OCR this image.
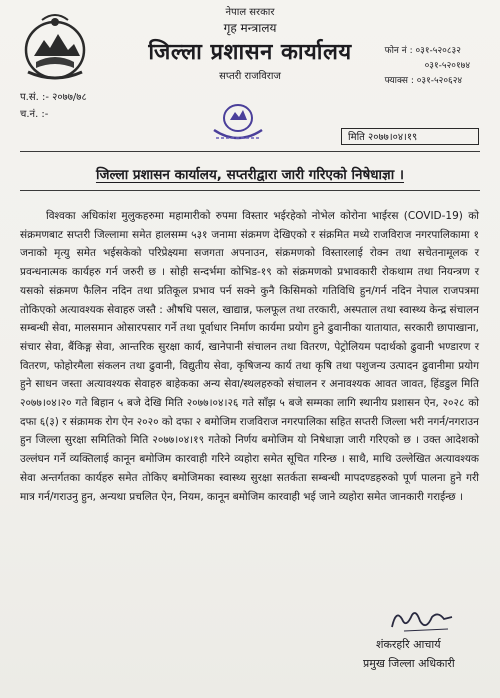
नेपाल सरकार
गृह मन्त्रालय
जिल्ला प्रशासन कार्यालय
सप्तरी राजविराज
फोन नं : ०३१-५२०८३२
०३१-५२०१७४
फ्याक्स : ०३१-५२०६२४
प.सं. :- २०७७/७८
च.नं. :-
मिति २०७७।०४।१९
जिल्ला प्रशासन कार्यालय, सप्तरीद्वारा जारी गरिएको निषेधाज्ञा ।
विश्वका अधिकांश मुलुकहरुमा महामारीको रुपमा विस्तार भईरहेको नोभेल कोरोना भाईरस (COVID-19) को संक्रमणबाट सप्तरी जिल्लामा समेत हालसम्म ५३१ जनामा संक्रमण देखिएको र संक्रमित मध्ये राजविराज नगरपालिकामा १ जनाको मृत्यु समेत भईसकेको परिप्रेक्ष्यमा सजगता अपनाउन, संक्रमणको विस्तारलाई रोक्न तथा सचेतनामूलक र प्रवन्धनात्मक कार्यहरु गर्न जरुरी छ । सोही सन्दर्भमा कोभिड-१९ को संक्रमणको प्रभावकारी रोकथाम तथा नियन्त्रण र यसको संक्रमण फैलिन नदिन तथा प्रतिकूल प्रभाव पर्न सक्ने कुनै किसिमको गतिविधि हुन/गर्न नदिन नेपाल राजपत्रमा तोकिएको अत्यावश्यक सेवाहरु जस्तै : औषधि पसल, खाद्यान्न, फलफूल तथा तरकारी, अस्पताल तथा स्वास्थ्य केन्द्र संचालन सम्बन्धी सेवा, मालसमान ओसारपसार गर्ने तथा पूर्वाधार निर्माण कार्यमा प्रयोग हुने ढुवानीका यातायात, सरकारी छापाखाना, संचार सेवा, बैंकिङ्ग सेवा, आन्तरिक सुरक्षा कार्य, खानेपानी संचालन तथा वितरण, पेट्रोलियम पदार्थको ढुवानी भण्डारण र वितरण, फोहोरमैला संकलन तथा ढुवानी, विद्युतीय सेवा, कृषिजन्य कार्य तथा कृषि तथा पशुजन्य उत्पादन ढुवानीमा प्रयोग हुने साधन जस्ता अत्यावश्यक सेवाहरु बाहेकका अन्य सेवा/स्थलहरुको संचालन र अनावश्यक आवत जावत, हिंडडुल मिति २०७७।०४।२० गते बिहान ५ बजे देखि मिति २०७७।०४।२६ गते साँझ ५ बजे सम्मका लागि स्थानीय प्रशासन ऐन, २०२८ को दफा ६(३) र संक्रामक रोग ऐन २०२० को दफा २ बमोजिम राजविराज नगरपालिका सहित सप्तरी जिल्ला भरी नगर्न/नगराउन हुन जिल्ला सुरक्षा समितिको मिति २०७७।०४।१९ गतेको निर्णय बमोजिम यो निषेधाज्ञा जारी गरिएको छ । उक्त आदेशको उल्लंघन गर्ने व्यक्तिलाई कानून बमोजिम कारवाही गरिने व्यहोरा समेत सूचित गरिन्छ । साथै, माथि उल्लेखित अत्यावश्यक सेवा अन्तर्गतका कार्यहरु समेत तोकिए बमोजिमका स्वास्थ्य सुरक्षा सतर्कता सम्बन्धी मापदण्डहरुको पूर्ण पालना हुने गरी मात्र गर्न/गराउनु हुन, अन्यथा प्रचलित ऐन, नियम, कानून बमोजिम कारवाही भई जाने व्यहोरा समेत जानकारी गराईन्छ ।
शंकरहरि आचार्य
प्रमुख जिल्ला अधिकारी
